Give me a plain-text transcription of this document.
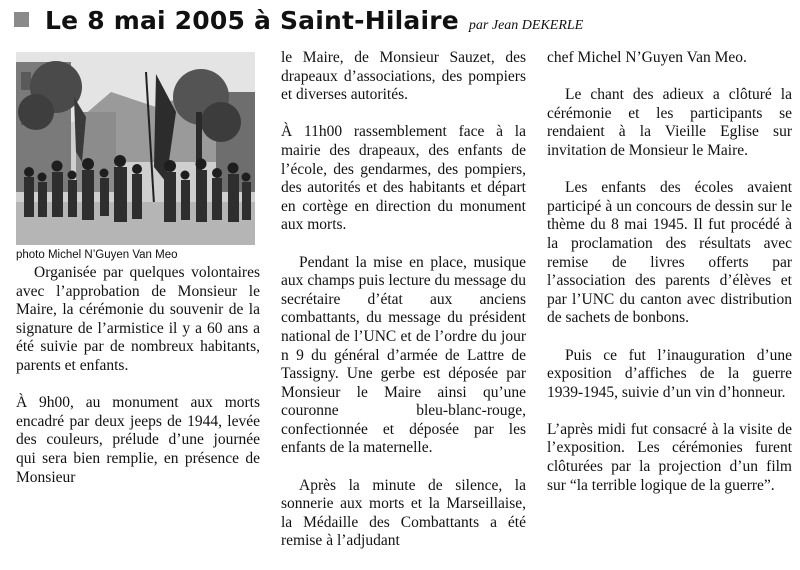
Le 8 mai 2005 à Saint-Hilaire par Jean DEKERLE
photo Michel N’Guyen Van Meo

Organisée par quelques volontaires avec l’approbation de Monsieur le Maire, la cérémonie du souvenir de la signature de l’armistice il y a 60 ans a été suivie par de nombreux habitants, parents et enfants.

À 9h00, au monument aux morts encadré par deux jeeps de 1944, levée des couleurs, prélude d’une journée qui sera bien remplie, en présence de Monsieur

le Maire, de Monsieur Sauzet, des drapeaux d’associations, des pompiers et diverses autorités.

À 11h00 rassemblement face à la mairie des drapeaux, des enfants de l’école, des gendarmes, des pompiers, des autorités et des habitants et départ en cortège en direction du monument aux morts.

Pendant la mise en place, musique aux champs puis lecture du message du secrétaire d’état aux anciens combattants, du message du président national de l’UNC et de l’ordre du jour n 9 du général d’armée de Lattre de Tassigny. Une gerbe est déposée par Monsieur le Maire ainsi qu’une couronne bleu-blanc-rouge, confectionnée et déposée par les enfants de la maternelle.

Après la minute de silence, la sonnerie aux morts et la Marseillaise, la Médaille des Combattants a été remise à l’adjudant

chef Michel N’Guyen Van Meo.

Le chant des adieux a clôturé la cérémonie et les participants se rendaient à la Vieille Eglise sur invitation de Monsieur le Maire.

Les enfants des écoles avaient participé à un concours de dessin sur le thème du 8 mai 1945. Il fut procédé à la proclamation des résultats avec remise de livres offerts par l’association des parents d’élèves et par l’UNC du canton avec distribution de sachets de bonbons.

Puis ce fut l’inauguration d’une exposition d’affiches de la guerre 1939-1945, suivie d’un vin d’honneur.

L’après midi fut consacré à la visite de l’exposition. Les cérémonies furent clôturées par la projection d’un film sur “la terrible logique de la guerre”.
